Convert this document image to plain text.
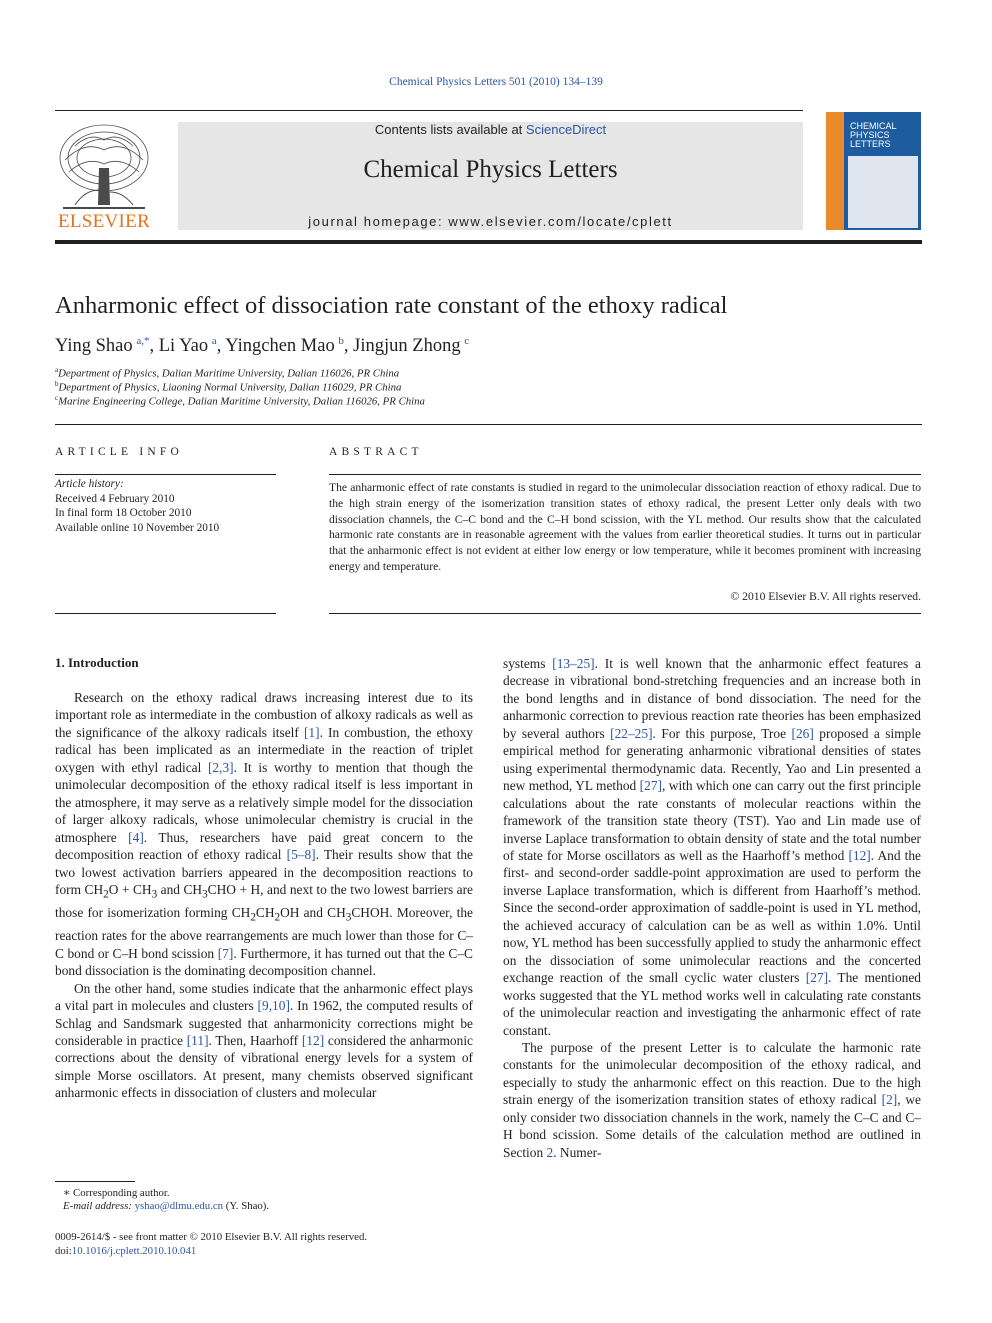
Chemical Physics Letters 501 (2010) 134–139
ELSEVIER
Contents lists available at ScienceDirect
Chemical Physics Letters
journal homepage: www.elsevier.com/locate/cplett
CHEMICAL PHYSICS LETTERS
Anharmonic effect of dissociation rate constant of the ethoxy radical
Ying Shao  $^{a,*}$, Li Yao  $^a$, Yingchen Mao  $^b$, Jingjun Zhong  $^c$
$^a$Department of Physics, Dalian Maritime University, Dalian 116026, PR China
$^b$Department of Physics, Liaoning Normal University, Dalian 116029, PR China
$^c$Marine Engineering College, Dalian Maritime University, Dalian 116026, PR China
ARTICLE INFO	ABSTRACT
Article history:
Received 4 February 2010
In final form 18 October 2010
Available online 10 November 2010
The anharmonic effect of rate constants is studied in regard to the unimolecular dissociation reaction of ethoxy radical. Due to the high strain energy of the isomerization transition states of ethoxy radical, the present Letter only deals with two dissociation channels, the C–C bond and the C–H bond scission, with the YL method. Our results show that the calculated harmonic rate constants are in reasonable agreement with the values from earlier theoretical studies. It turns out in particular that the anharmonic effect is not evident at either low energy or low temperature, while it becomes prominent with increasing energy and temperature.
© 2010 Elsevier B.V. All rights reserved.
1. Introduction

Research on the ethoxy radical draws increasing interest due to its important role as intermediate in the combustion of alkoxy radicals as well as the significance of the alkoxy radicals itself [1]. In combustion, the ethoxy radical has been implicated as an intermediate in the reaction of triplet oxygen with ethyl radical [2,3]. It is worthy to mention that though the unimolecular decomposition of the ethoxy radical itself is less important in the atmosphere, it may serve as a relatively simple model for the dissociation of larger alkoxy radicals, whose unimolecular chemistry is crucial in the atmosphere [4]. Thus, researchers have paid great concern to the decomposition reaction of ethoxy radical [5–8]. Their results show that the two lowest activation barriers appeared in the decomposition reactions to form $CH_2O + CH_3$ and $CH_3CHO + H$, and next to the two lowest barriers are those for isomerization forming $CH_2CH_2OH$ and $CH_3CHOH$. Moreover, the reaction rates for the above rearrangements are much lower than those for C–C bond or C–H bond scission [7]. Furthermore, it has turned out that the C–C bond dissociation is the dominating decomposition channel.

On the other hand, some studies indicate that the anharmonic effect plays a vital part in molecules and clusters [9,10]. In 1962, the computed results of Schlag and Sandsmark suggested that anharmonicity corrections might be considerable in practice [11]. Then, Haarhoff [12] considered the anharmonic corrections about the density of vibrational energy levels for a system of simple Morse oscillators. At present, many chemists observed significant anharmonic effects in dissociation of clusters and molecular

systems [13–25]. It is well known that the anharmonic effect features a decrease in vibrational bond-stretching frequencies and an increase both in the bond lengths and in distance of bond dissociation. The need for the anharmonic correction to previous reaction rate theories has been emphasized by several authors [22–25]. For this purpose, Troe [26] proposed a simple empirical method for generating anharmonic vibrational densities of states using experimental thermodynamic data. Recently, Yao and Lin presented a new method, YL method [27], with which one can carry out the first principle calculations about the rate constants of molecular reactions within the framework of the transition state theory (TST). Yao and Lin made use of inverse Laplace transformation to obtain density of state and the total number of state for Morse oscillators as well as the Haarhoff’s method [12]. And the first- and second-order saddle-point approximation are used to perform the inverse Laplace transformation, which is different from Haarhoff’s method. Since the second-order approximation of saddle-point is used in YL method, the achieved accuracy of calculation can be as well as within 1.0%. Until now, YL method has been successfully applied to study the anharmonic effect on the dissociation of some unimolecular reactions and the concerted exchange reaction of the small cyclic water clusters [27]. The mentioned works suggested that the YL method works well in calculating rate constants of the unimolecular reaction and investigating the anharmonic effect of rate constant.

The purpose of the present Letter is to calculate the harmonic rate constants for the unimolecular decomposition of the ethoxy radical, and especially to study the anharmonic effect on this reaction. Due to the high strain energy of the isomerization transition states of ethoxy radical [2], we only consider two dissociation channels in the work, namely the C–C and C–H bond scission. Some details of the calculation method are outlined in Section 2. Numer-

∗ Corresponding author.
E-mail address: yshao@dlmu.edu.cn (Y. Shao).
0009-2614/$ - see front matter © 2010 Elsevier B.V. All rights reserved.
doi:10.1016/j.cplett.2010.10.041
